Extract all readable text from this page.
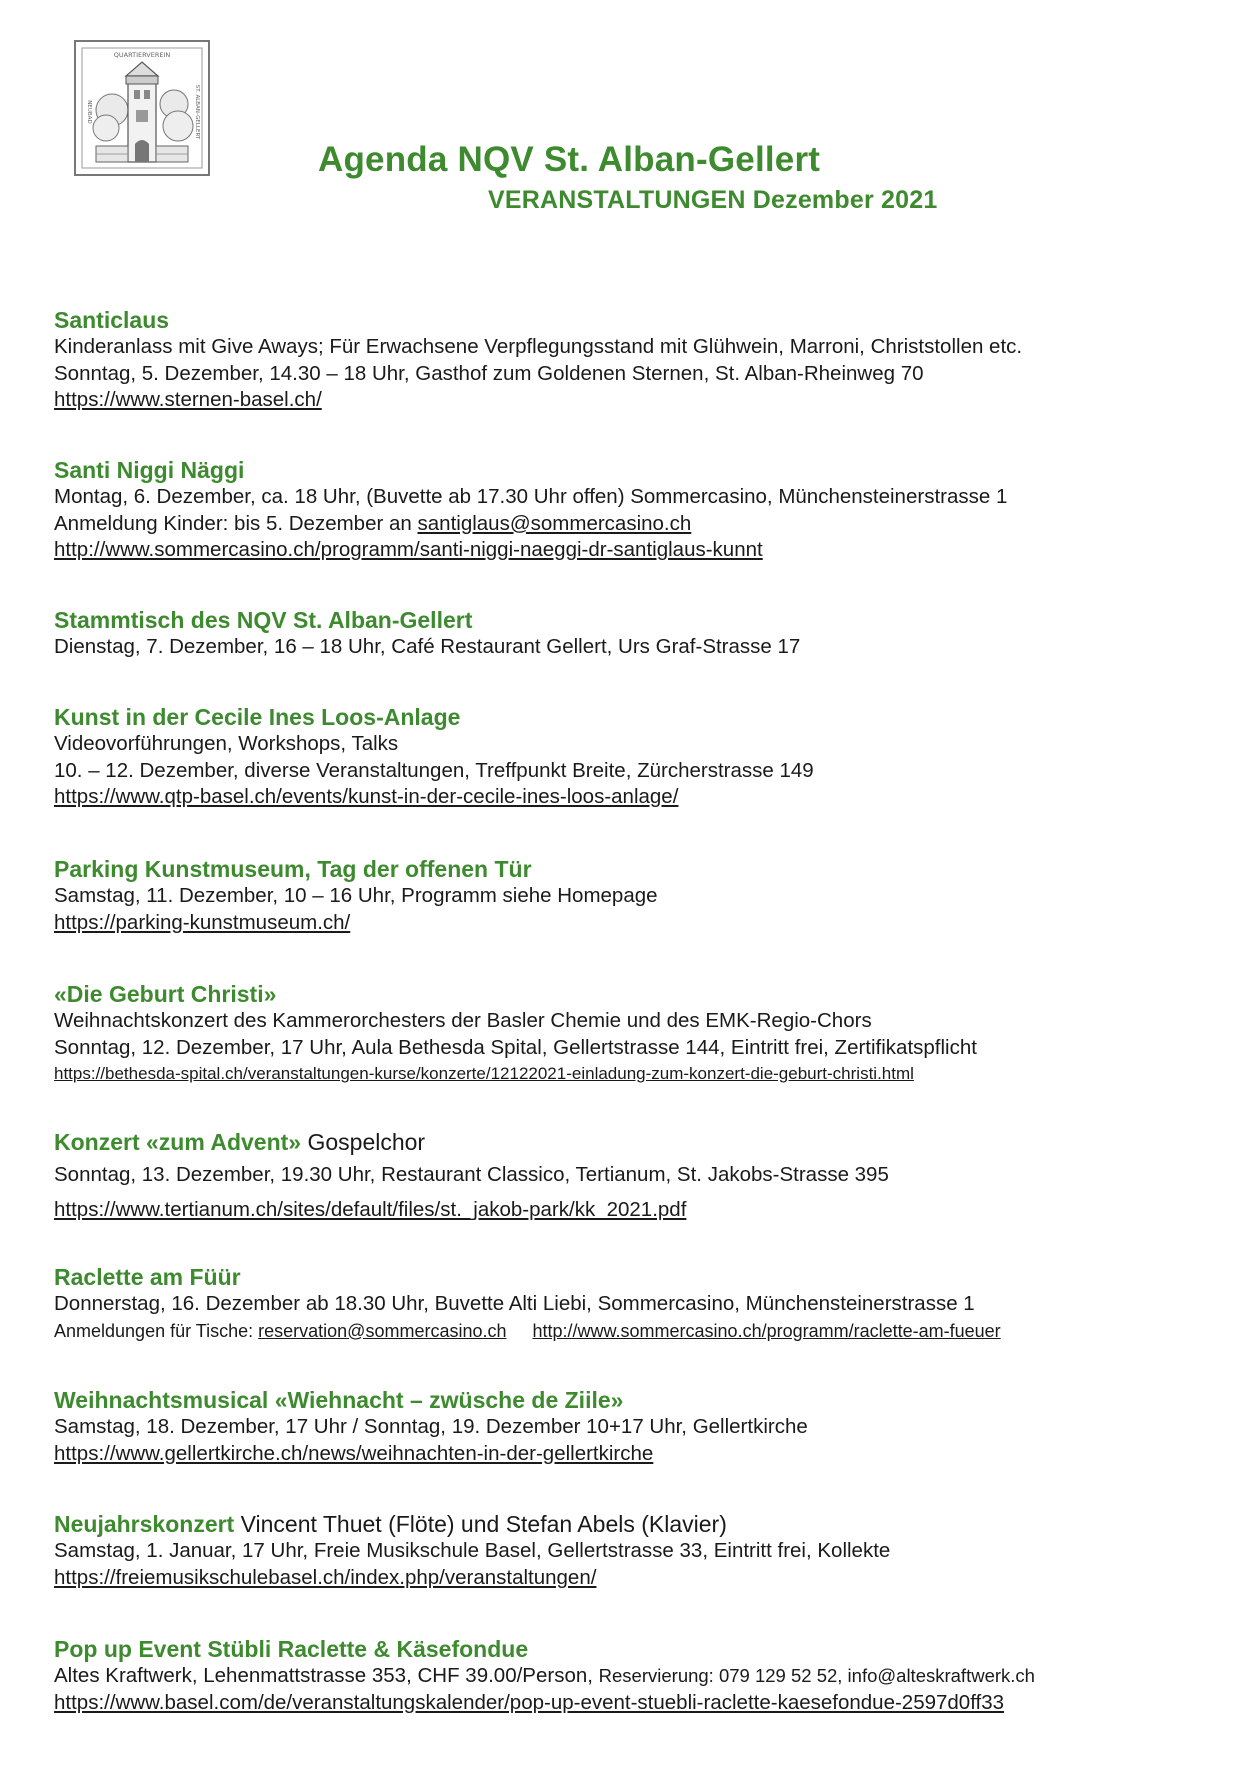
QUARTIERVEREIN
NEUBAD	ST. ALBAN-GELLERT
Agenda NQV St. Alban-Gellert
VERANSTALTUNGEN Dezember 2021
Santiclaus
Kinderanlass mit Give Aways; Für Erwachsene Verpflegungsstand mit Glühwein, Marroni, Christstollen etc.
Sonntag, 5. Dezember, 14.30 – 18 Uhr, Gasthof zum Goldenen Sternen, St. Alban-Rheinweg 70
https://www.sternen-basel.ch/
Santi Niggi Näggi
Montag, 6. Dezember, ca. 18 Uhr, (Buvette ab 17.30 Uhr offen) Sommercasino, Münchensteinerstrasse 1
Anmeldung Kinder: bis 5. Dezember an santiglaus@sommercasino.ch
http://www.sommercasino.ch/programm/santi-niggi-naeggi-dr-santiglaus-kunnt
Stammtisch des NQV St. Alban-Gellert
Dienstag, 7. Dezember, 16 – 18 Uhr, Café Restaurant Gellert, Urs Graf-Strasse 17
Kunst in der Cecile Ines Loos-Anlage
Videovorführungen, Workshops, Talks
10. – 12. Dezember, diverse Veranstaltungen, Treffpunkt Breite, Zürcherstrasse 149
https://www.qtp-basel.ch/events/kunst-in-der-cecile-ines-loos-anlage/
Parking Kunstmuseum, Tag der offenen Tür
Samstag, 11. Dezember, 10 – 16 Uhr, Programm siehe Homepage
https://parking-kunstmuseum.ch/
«Die Geburt Christi»
Weihnachtskonzert des Kammerorchesters der Basler Chemie und des EMK-Regio-Chors
Sonntag, 12. Dezember, 17 Uhr, Aula Bethesda Spital, Gellertstrasse 144, Eintritt frei, Zertifikatspflicht
https://bethesda-spital.ch/veranstaltungen-kurse/konzerte/12122021-einladung-zum-konzert-die-geburt-christi.html
Konzert «zum Advent» Gospelchor
Sonntag, 13. Dezember, 19.30 Uhr, Restaurant Classico, Tertianum, St. Jakobs-Strasse 395
https://www.tertianum.ch/sites/default/files/st._jakob-park/kk_2021.pdf
Raclette am Füür
Donnerstag, 16. Dezember ab 18.30 Uhr, Buvette Alti Liebi, Sommercasino, Münchensteinerstrasse 1
Anmeldungen für Tische: reservation@sommercasino.ch http://www.sommercasino.ch/programm/raclette-am-fueuer
Weihnachtsmusical «Wiehnacht – zwüsche de Ziile»
Samstag, 18. Dezember, 17 Uhr / Sonntag, 19. Dezember 10+17 Uhr, Gellertkirche
https://www.gellertkirche.ch/news/weihnachten-in-der-gellertkirche
Neujahrskonzert Vincent Thuet (Flöte) und Stefan Abels (Klavier)
Samstag, 1. Januar, 17 Uhr, Freie Musikschule Basel, Gellertstrasse 33, Eintritt frei, Kollekte
https://freiemusikschulebasel.ch/index.php/veranstaltungen/
Pop up Event Stübli Raclette & Käsefondue
Altes Kraftwerk, Lehenmattstrasse 353, CHF 39.00/Person, Reservierung: 079 129 52 52, info@alteskraftwerk.ch
https://www.basel.com/de/veranstaltungskalender/pop-up-event-stuebli-raclette-kaesefondue-2597d0ff33
